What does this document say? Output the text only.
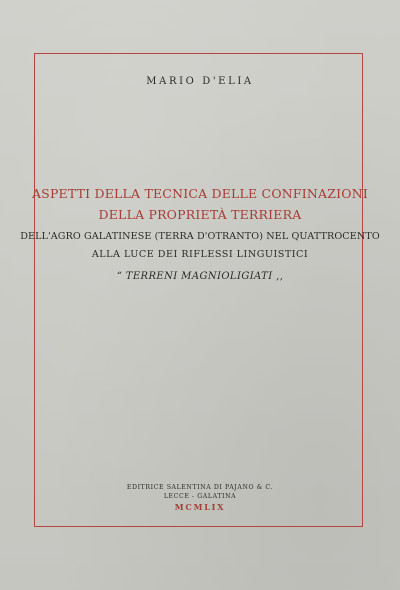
MARIO D'ELIA
ASPETTI DELLA TECNICA DELLE CONFINAZIONI
DELLA PROPRIETÀ TERRIERA
DELL'AGRO GALATINESE (TERRA D'OTRANTO) NEL QUATTROCENTO
ALLA LUCE DEI RIFLESSI LINGUISTICI
“ TERRENI MAGNIOLIGIATI ,,
EDITRICE SALENTINA DI PAJANO & C.
LECCE - GALATINA
MCMLIX
